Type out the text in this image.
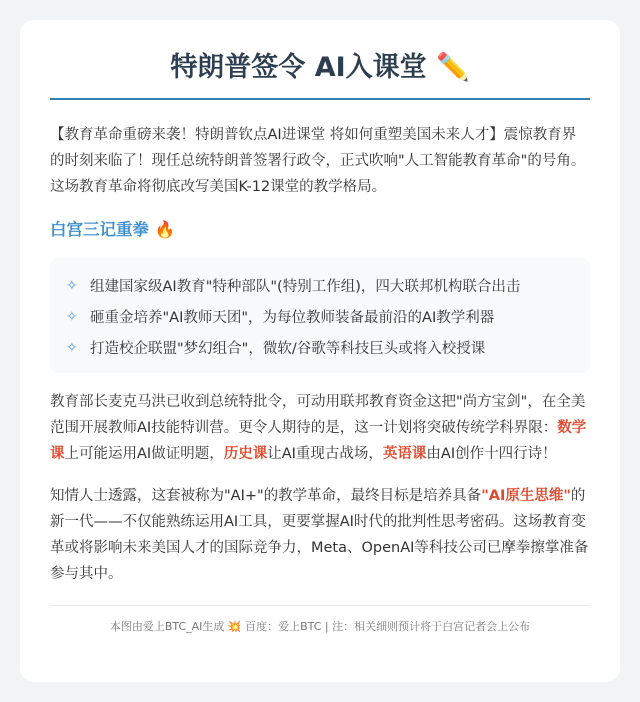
特朗普签令 AI入课堂 ✏️

【教育革命重磅来袭！特朗普钦点AI进课堂 将如何重塑美国未来人才】震惊教育界的时刻来临了！现任总统特朗普签署行政令，正式吹响"人工智能教育革命"的号角。这场教育革命将彻底改写美国K-12课堂的教学格局。

白宫三记重拳 🔥
✧ 组建国家级AI教育"特种部队"(特别工作组)，四大联邦机构联合出击
✧ 砸重金培养"AI教师天团"，为每位教师装备最前沿的AI教学利器
✧ 打造校企联盟"梦幻组合"，微软/谷歌等科技巨头或将入校授课

教育部长麦克马洪已收到总统特批令，可动用联邦教育资金这把"尚方宝剑"，在全美范围开展教师AI技能特训营。更令人期待的是，这一计划将突破传统学科界限：数学课上可能运用AI做证明题，历史课让AI重现古战场，英语课由AI创作十四行诗！

知情人士透露，这套被称为"AI+"的教学革命，最终目标是培养具备"AI原生思维"的新一代——不仅能熟练运用AI工具，更要掌握AI时代的批判性思考密码。这场教育变革或将影响未来美国人才的国际竞争力，Meta、OpenAI等科技公司已摩拳擦掌准备参与其中。

本图由爱上BTC_AI生成 💥 百度：爱上BTC | 注：相关细则预计将于白宫记者会上公布
